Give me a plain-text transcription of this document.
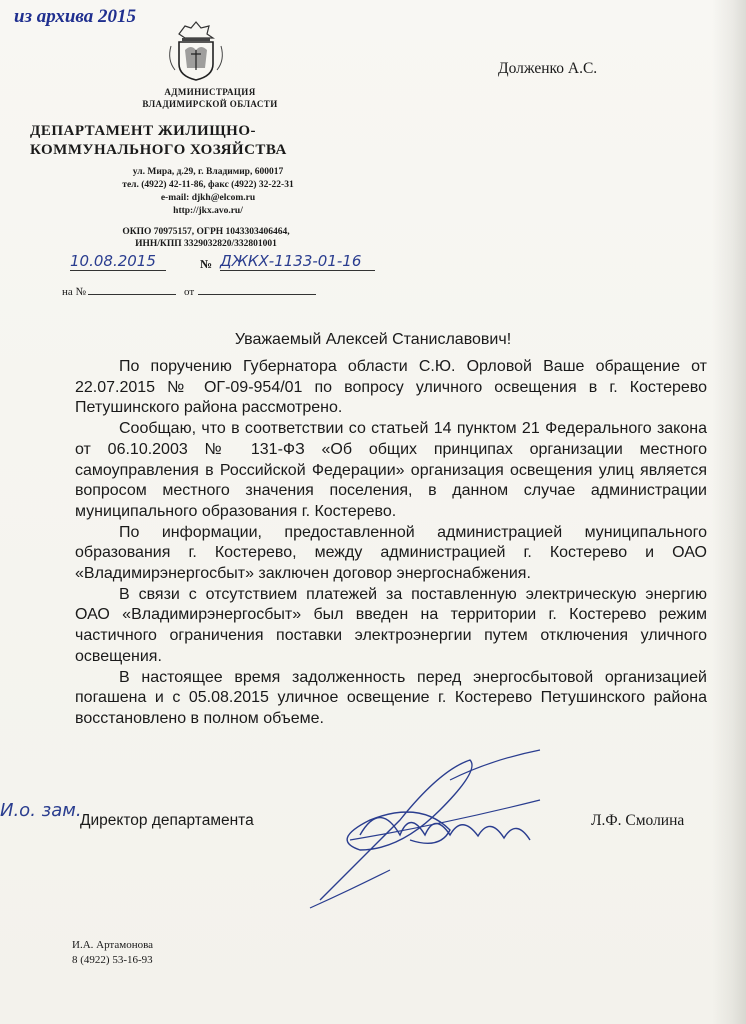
из архива 2015
АДМИНИСТРАЦИЯ
ВЛАДИМИРСКОЙ ОБЛАСТИ
ДЕПАРТАМЕНТ ЖИЛИЩНО-
КОММУНАЛЬНОГО ХОЗЯЙСТВА
ул. Мира, д.29, г. Владимир, 600017
тел. (4922) 42-11-86, факс (4922) 32-22-31
e-mail: djkh@elcom.ru
http://jkx.avo.ru/
ОКПО 70975157, ОГРН 1043303406464,
ИНН/КПП 3329032820/332801001
Долженко А.С.
10.08.2015	№ ДЖКХ-1133-01-16
на №	от
Уважаемый Алексей Станиславович!

По поручению Губернатора области С.Ю. Орловой Ваше обращение от 22.07.2015 № ОГ-09-954/01 по вопросу уличного освещения в г. Костерево Петушинского района рассмотрено.

Сообщаю, что в соответствии со статьей 14 пунктом 21 Федерального закона от 06.10.2003 № 131-ФЗ «Об общих принципах организации местного самоуправления в Российской Федерации» организация освещения улиц является вопросом местного значения поселения, в данном случае администрации муниципального образования г. Костерево.

По информации, предоставленной администрацией муниципального образования г. Костерево, между администрацией г. Костерево и ОАО «Владимирэнергосбыт» заключен договор энергоснабжения.

В связи с отсутствием платежей за поставленную электрическую энергию ОАО «Владимирэнергосбыт» был введен на территории г. Костерево режим частичного ограничения поставки электроэнергии путем отключения уличного освещения.

В настоящее время задолженность перед энергосбытовой организацией погашена и с 05.08.2015 уличное освещение г. Костерево Петушинского района восстановлено в полном объеме.

И.о. зам.
Директор департамента	Л.Ф. Смолина
И.А. Артамонова
8 (4922) 53-16-93
